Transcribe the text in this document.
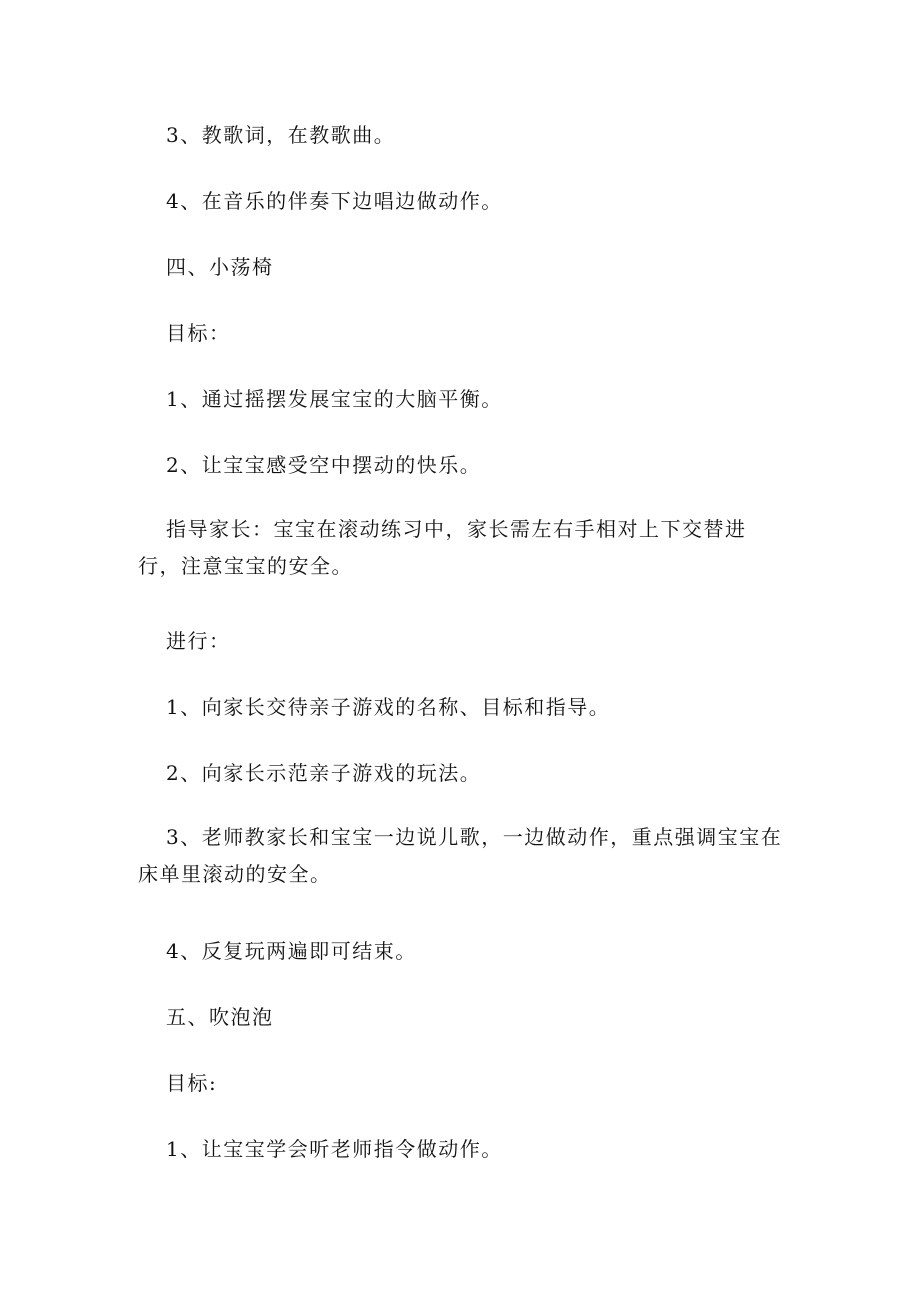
3、教歌词，在教歌曲。

4、在音乐的伴奏下边唱边做动作。

四、小荡椅

目标：

1、通过摇摆发展宝宝的大脑平衡。

2、让宝宝感受空中摆动的快乐。

指导家长：宝宝在滚动练习中，家长需左右手相对上下交替进行，注意宝宝的安全。

进行：

1、向家长交待亲子游戏的名称、目标和指导。

2、向家长示范亲子游戏的玩法。

3、老师教家长和宝宝一边说儿歌，一边做动作，重点强调宝宝在床单里滚动的安全。

4、反复玩两遍即可结束。

五、吹泡泡

目标:

1、让宝宝学会听老师指令做动作。
